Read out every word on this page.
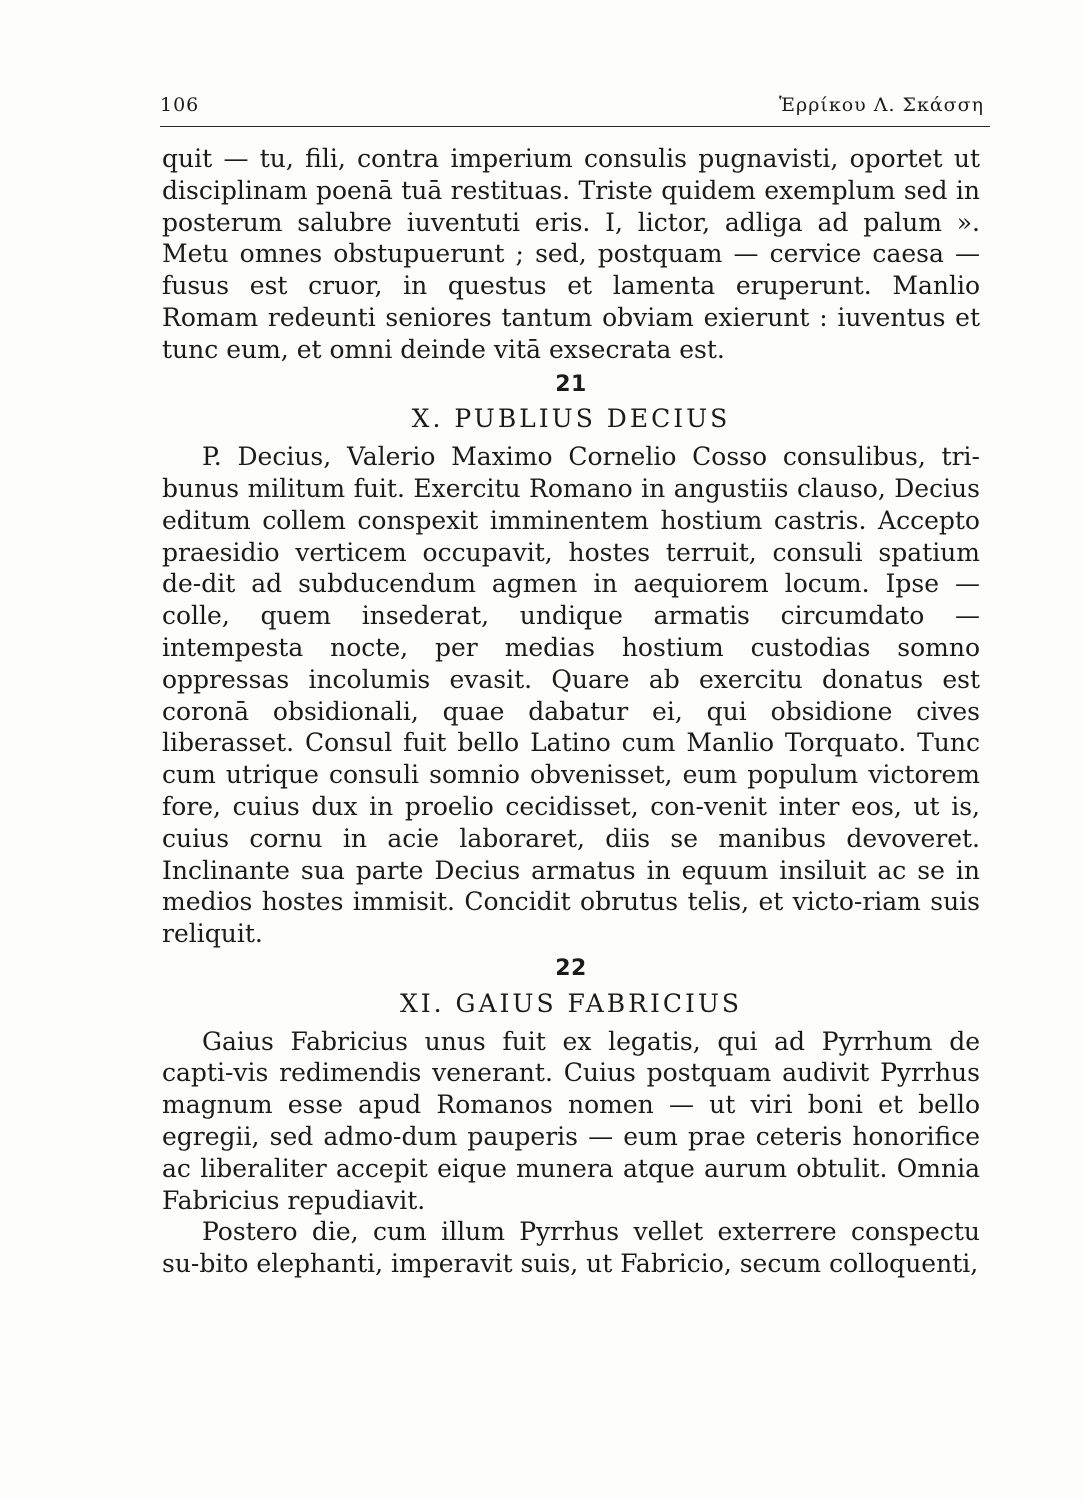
106	Ἑρρίκου Λ. Σκάσση

quit — tu, fili, contra imperium consulis pugnavisti, oportet ut disciplinam poenā tuā restituas. Triste quidem exemplum sed in posterum salubre iuventuti eris. I, lictor, adliga ad palum ». Metu omnes obstupuerunt ; sed, postquam — cervice caesa — fusus est cruor, in questus et lamenta eruperunt. Manlio Romam redeunti seniores tantum obviam exierunt : iuventus et tunc eum, et omni deinde vitā exsecrata est.

21
X. PUBLIUS DECIUS

P. Decius, Valerio Maximo Cornelio Cosso consulibus, tri-bunus militum fuit. Exercitu Romano in angustiis clauso, Decius editum collem conspexit imminentem hostium castris. Accepto praesidio verticem occupavit, hostes terruit, consuli spatium de-dit ad subducendum agmen in aequiorem locum. Ipse — colle, quem insederat, undique armatis circumdato — intempesta nocte, per medias hostium custodias somno oppressas incolumis evasit. Quare ab exercitu donatus est coronā obsidionali, quae dabatur ei, qui obsidione cives liberasset. Consul fuit bello Latino cum Manlio Torquato. Tunc cum utrique consuli somnio obvenisset, eum populum victorem fore, cuius dux in proelio cecidisset, con-venit inter eos, ut is, cuius cornu in acie laboraret, diis se manibus devoveret. Inclinante sua parte Decius armatus in equum insiluit ac se in medios hostes immisit. Concidit obrutus telis, et victo-riam suis reliquit.

22
XI. GAIUS FABRICIUS

Gaius Fabricius unus fuit ex legatis, qui ad Pyrrhum de capti-vis redimendis venerant. Cuius postquam audivit Pyrrhus magnum esse apud Romanos nomen — ut viri boni et bello egregii, sed admo-dum pauperis — eum prae ceteris honorifice ac liberaliter accepit eique munera atque aurum obtulit. Omnia Fabricius repudiavit.

Postero die, cum illum Pyrrhus vellet exterrere conspectu su-bito elephanti, imperavit suis, ut Fabricio, secum colloquenti,
